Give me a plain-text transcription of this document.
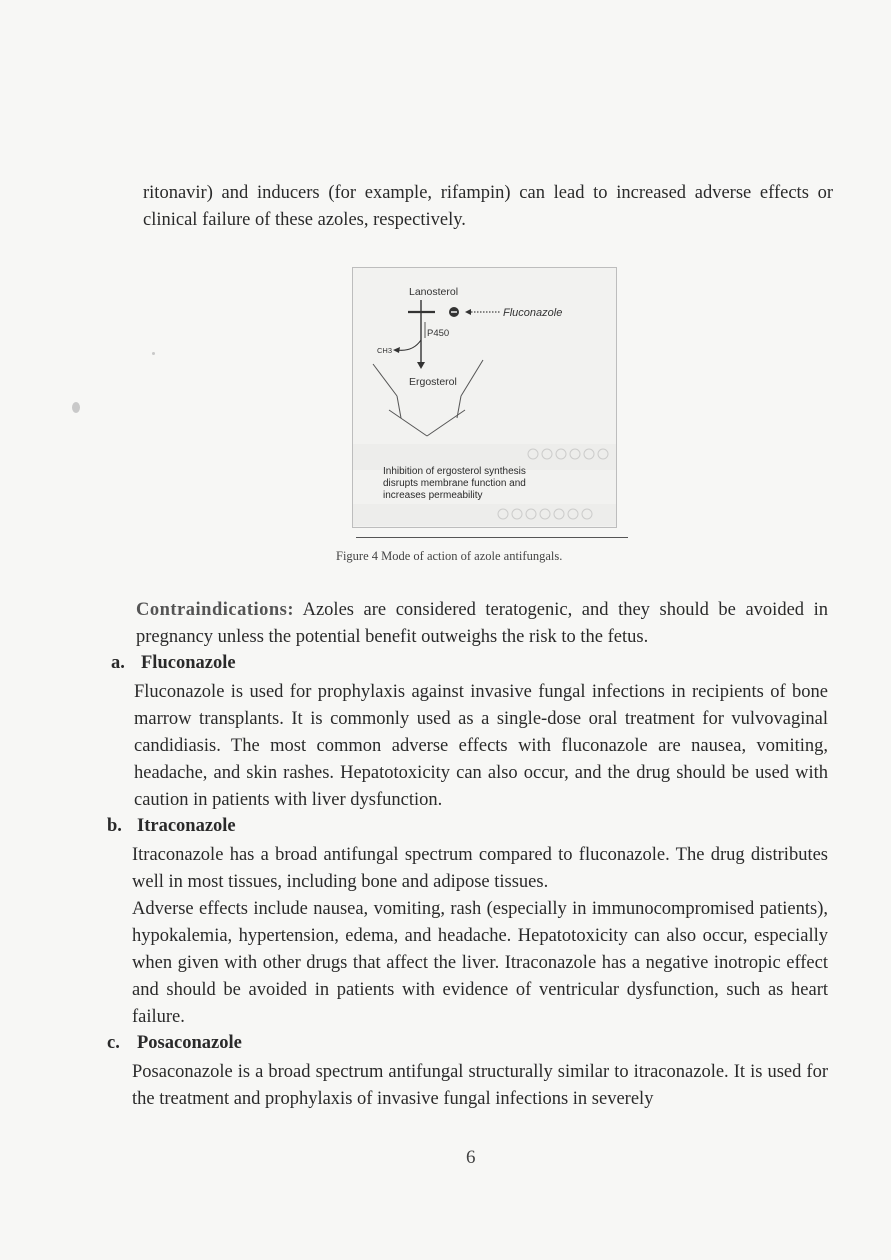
ritonavir) and inducers (for example, rifampin) can lead to increased adverse effects or clinical failure of these azoles, respectively.

Lanosterol
Fluconazole
P450
CH3
Ergosterol
Inhibition of ergosterol synthesis
disrupts membrane function and
increases permeability
Figure 4 Mode of action of azole antifungals.

Contraindications: Azoles are considered teratogenic, and they should be avoided in pregnancy unless the potential benefit outweighs the risk to the fetus.

a. Fluconazole

Fluconazole is used for prophylaxis against invasive fungal infections in recipients of bone marrow transplants. It is commonly used as a single-dose oral treatment for vulvovaginal candidiasis. The most common adverse effects with fluconazole are nausea, vomiting, headache, and skin rashes. Hepatotoxicity can also occur, and the drug should be used with caution in patients with liver dysfunction.

b. Itraconazole

Itraconazole has a broad antifungal spectrum compared to fluconazole. The drug distributes well in most tissues, including bone and adipose tissues.

Adverse effects include nausea, vomiting, rash (especially in immunocompromised patients), hypokalemia, hypertension, edema, and headache. Hepatotoxicity can also occur, especially when given with other drugs that affect the liver. Itraconazole has a negative inotropic effect and should be avoided in patients with evidence of ventricular dysfunction, such as heart failure.

c. Posaconazole

Posaconazole is a broad spectrum antifungal structurally similar to itraconazole. It is used for the treatment and prophylaxis of invasive fungal infections in severely

6
